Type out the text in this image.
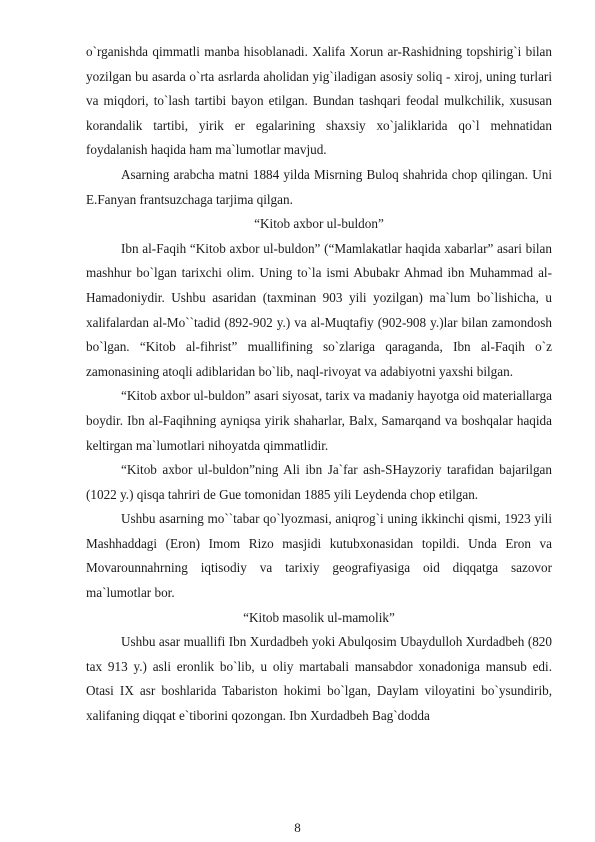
o`rganishda qimmatli manba hisoblanadi. Xalifa Xorun ar-Rashidning topshirig`i bilan yozilgan bu asarda o`rta asrlarda aholidan yig`iladigan asosiy soliq - xiroj, uning turlari va miqdori, to`lash tartibi bayon etilgan. Bundan tashqari feodal mulkchilik, xususan korandalik tartibi, yirik er egalarining shaxsiy xo`jaliklarida qo`l mehnatidan foydalanish haqida ham ma`lumotlar mavjud.

Asarning arabcha matni 1884 yilda Misrning Buloq shahrida chop qilingan. Uni E.Fanyan frantsuzchaga tarjima qilgan.

“Kitob axbor ul-buldon”

Ibn al-Faqih “Kitob axbor ul-buldon” (“Mamlakatlar haqida xabarlar” asari bilan mashhur bo`lgan tarixchi olim. Uning to`la ismi Abubakr Ahmad ibn Muhammad al-Hamadoniydir. Ushbu asaridan (taxminan 903 yili yozilgan) ma`lum bo`lishicha, u xalifalardan al-Mo``tadid (892-902 y.) va al-Muqtafiy (902-908 y.)lar bilan zamondosh bo`lgan. “Kitob al-fihrist” muallifining so`zlariga qaraganda, Ibn al-Faqih o`z zamonasining atoqli adiblaridan bo`lib, naql-rivoyat va adabiyotni yaxshi bilgan.

“Kitob axbor ul-buldon” asari siyosat, tarix va madaniy hayotga oid materiallarga boydir. Ibn al-Faqihning ayniqsa yirik shaharlar, Balx, Samarqand va boshqalar haqida keltirgan ma`lumotlari nihoyatda qimmatlidir.

“Kitob axbor ul-buldon”ning Ali ibn Ja`far ash-SHayzoriy tarafidan bajarilgan (1022 y.) qisqa tahriri de Gue tomonidan 1885 yili Leydenda chop etilgan.

Ushbu asarning mo``tabar qo`lyozmasi, aniqrog`i uning ikkinchi qismi, 1923 yili Mashhaddagi (Eron) Imom Rizo masjidi kutubxonasidan topildi. Unda Eron va Movarounnahrning iqtisodiy va tarixiy geografiyasiga oid diqqatga sazovor ma`lumotlar bor.

“Kitob masolik ul-mamolik”

Ushbu asar muallifi Ibn Xurdadbeh yoki Abulqosim Ubaydulloh Xurdadbeh (820 tax 913 y.) asli eronlik bo`lib, u oliy martabali mansabdor xonadoniga mansub edi. Otasi IX asr boshlarida Tabariston hokimi bo`lgan, Daylam viloyatini bo`ysundirib, xalifaning diqqat e`tiborini qozongan. Ibn Xurdadbeh Bag`dodda

8
